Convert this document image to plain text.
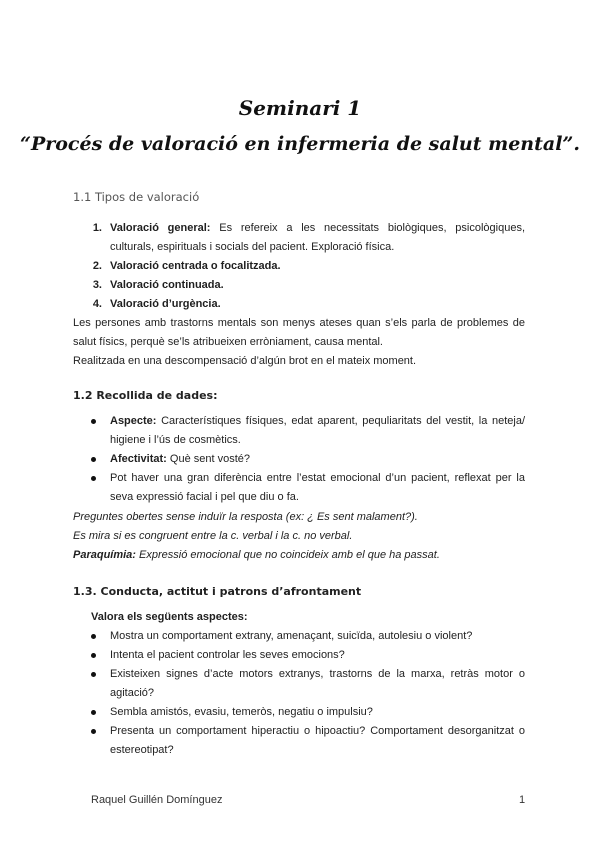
Seminari 1
“Procés de valoració en infermeria de salut mental”.
1.1 Tipos de valoració
1. Valoració general: Es refereix a les necessitats biològiques, psicològiques,
culturals, espirituals i socials del pacient. Exploració física.
2. Valoració centrada o focalitzada.
3. Valoració continuada.
4. Valoració d’urgència.
Les persones amb trastorns mentals son menys ateses quan s’els parla de problemes de
salut físics, perquè se’ls atribueixen erròniament, causa mental.
Realitzada en una descompensació d’algún brot en el mateix moment.
1.2 Recollida de dades:
Aspecte: Característiques físiques, edat aparent, pequliaritats del vestit, la neteja/
higiene i l’ús de cosmètics.
Afectivitat: Què sent vosté?
Pot haver una gran diferència entre l’estat emocional d’un pacient, reflexat per la
seva expressió facial i pel que diu o fa.
Preguntes obertes sense induïr la resposta (ex: ¿ Es sent malament?).
Es mira si es congruent entre la c. verbal i la c. no verbal.
Paraquímia: Expressió emocional que no coincideix amb el que ha passat.
1.3. Conducta, actitut i patrons d’afrontament
Valora els següents aspectes:
Mostra un comportament extrany, amenaçant, suicïda, autolesiu o violent?
Intenta el pacient controlar les seves emocions?
Existeixen signes d’acte motors extranys, trastorns de la marxa, retràs motor o
agitació?
Sembla amistós, evasiu, temeròs, negatiu o impulsiu?
Presenta un comportament hiperactiu o hipoactiu? Comportament desorganitzat o
estereotipat?
Raquel Guillén Domínguez	1
